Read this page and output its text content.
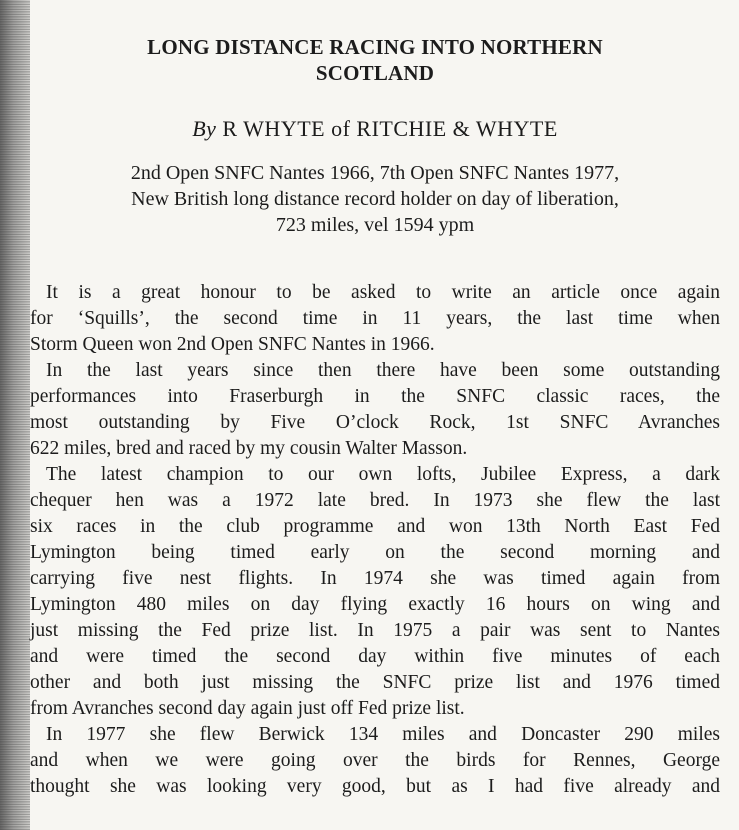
LONG DISTANCE RACING INTO NORTHERN
SCOTLAND
By R WHYTE of RITCHIE & WHYTE
2nd Open SNFC Nantes 1966, 7th Open SNFC Nantes 1977,
New British long distance record holder on day of liberation,
723 miles, vel 1594 ypm
It is a great honour to be asked to write an article once again
for ‘Squills’, the second time in 11 years, the last time when
Storm Queen won 2nd Open SNFC Nantes in 1966.
In the last years since then there have been some outstanding
performances into Fraserburgh in the SNFC classic races, the
most outstanding by Five O’clock Rock, 1st SNFC Avranches
622 miles, bred and raced by my cousin Walter Masson.
The latest champion to our own lofts, Jubilee Express, a dark
chequer hen was a 1972 late bred. In 1973 she flew the last
six races in the club programme and won 13th North East Fed
Lymington being timed early on the second morning and
carrying five nest flights. In 1974 she was timed again from
Lymington 480 miles on day flying exactly 16 hours on wing and
just missing the Fed prize list. In 1975 a pair was sent to Nantes
and were timed the second day within five minutes of each
other and both just missing the SNFC prize list and 1976 timed
from Avranches second day again just off Fed prize list.
In 1977 she flew Berwick 134 miles and Doncaster 290 miles
and when we were going over the birds for Rennes, George
thought she was looking very good, but as I had five already and
